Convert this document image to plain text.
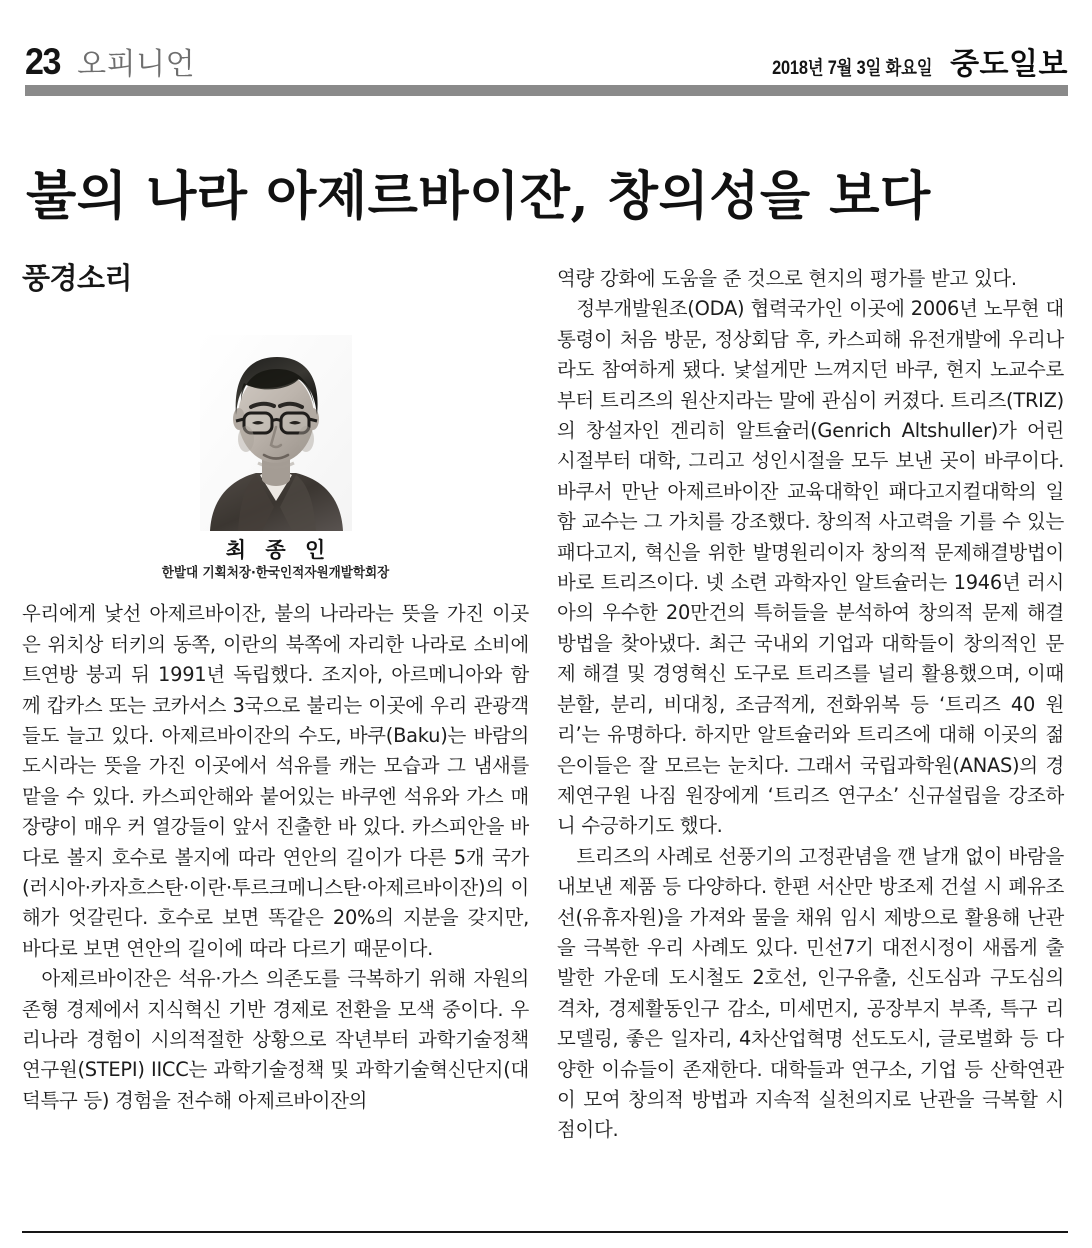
23 오피니언	2018년 7월 3일 화요일 중도일보
불의 나라 아제르바이잔, 창의성을 보다
풍경소리
최 종 인
한발대 기획처장·한국인적자원개발학회장

우리에게 낯선 아제르바이잔, 불의 나라라는 뜻을 가진 이곳은 위치상 터키의 동쪽, 이란의 북쪽에 자리한 나라로 소비에트연방 붕괴 뒤 1991년 독립했다. 조지아, 아르메니아와 함께 캅카스 또는 코카서스 3국으로 불리는 이곳에 우리 관광객들도 늘고 있다. 아제르바이잔의 수도, 바쿠(Baku)는 바람의 도시라는 뜻을 가진 이곳에서 석유를 캐는 모습과 그 냄새를 맡을 수 있다. 카스피안해와 붙어있는 바쿠엔 석유와 가스 매장량이 매우 커 열강들이 앞서 진출한 바 있다. 카스피안을 바다로 볼지 호수로 볼지에 따라 연안의 길이가 다른 5개 국가(러시아·카자흐스탄·이란·투르크메니스탄·아제르바이잔)의 이해가 엇갈린다. 호수로 보면 똑같은 20%의 지분을 갖지만, 바다로 보면 연안의 길이에 따라 다르기 때문이다.

아제르바이잔은 석유·가스 의존도를 극복하기 위해 자원의존형 경제에서 지식혁신 기반 경제로 전환을 모색 중이다. 우리나라 경험이 시의적절한 상황으로 작년부터 과학기술정책연구원(STEPI) IICC는 과학기술정책 및 과학기술혁신단지(대덕특구 등) 경험을 전수해 아제르바이잔의

역량 강화에 도움을 준 것으로 현지의 평가를 받고 있다.

정부개발원조(ODA) 협력국가인 이곳에 2006년 노무현 대통령이 처음 방문, 정상회담 후, 카스피해 유전개발에 우리나라도 참여하게 됐다. 낯설게만 느껴지던 바쿠, 현지 노교수로부터 트리즈의 원산지라는 말에 관심이 커졌다. 트리즈(TRIZ)의 창설자인 겐리히 알트슐러(Genrich Altshuller)가 어린 시절부터 대학, 그리고 성인시절을 모두 보낸 곳이 바쿠이다. 바쿠서 만난 아제르바이잔 교육대학인 패다고지컬대학의 일함 교수는 그 가치를 강조했다. 창의적 사고력을 기를 수 있는 패다고지, 혁신을 위한 발명원리이자 창의적 문제해결방법이 바로 트리즈이다. 넷 소련 과학자인 알트슐러는 1946년 러시아의 우수한 20만건의 특허들을 분석하여 창의적 문제 해결 방법을 찾아냈다. 최근 국내외 기업과 대학들이 창의적인 문제 해결 및 경영혁신 도구로 트리즈를 널리 활용했으며, 이때 분할, 분리, 비대칭, 조금적게, 전화위복 등 ‘트리즈 40 원리’는 유명하다. 하지만 알트슐러와 트리즈에 대해 이곳의 젊은이들은 잘 모르는 눈치다. 그래서 국립과학원(ANAS)의 경제연구원 나짐 원장에게 ‘트리즈 연구소’ 신규설립을 강조하니 수긍하기도 했다.

트리즈의 사례로 선풍기의 고정관념을 깬 날개 없이 바람을 내보낸 제품 등 다양하다. 한편 서산만 방조제 건설 시 폐유조선(유휴자원)을 가져와 물을 채워 임시 제방으로 활용해 난관을 극복한 우리 사례도 있다. 민선7기 대전시정이 새롭게 출발한 가운데 도시철도 2호선, 인구유출, 신도심과 구도심의 격차, 경제활동인구 감소, 미세먼지, 공장부지 부족, 특구 리모델링, 좋은 일자리, 4차산업혁명 선도도시, 글로벌화 등 다양한 이슈들이 존재한다. 대학들과 연구소, 기업 등 산학연관이 모여 창의적 방법과 지속적 실천의지로 난관을 극복할 시점이다.
